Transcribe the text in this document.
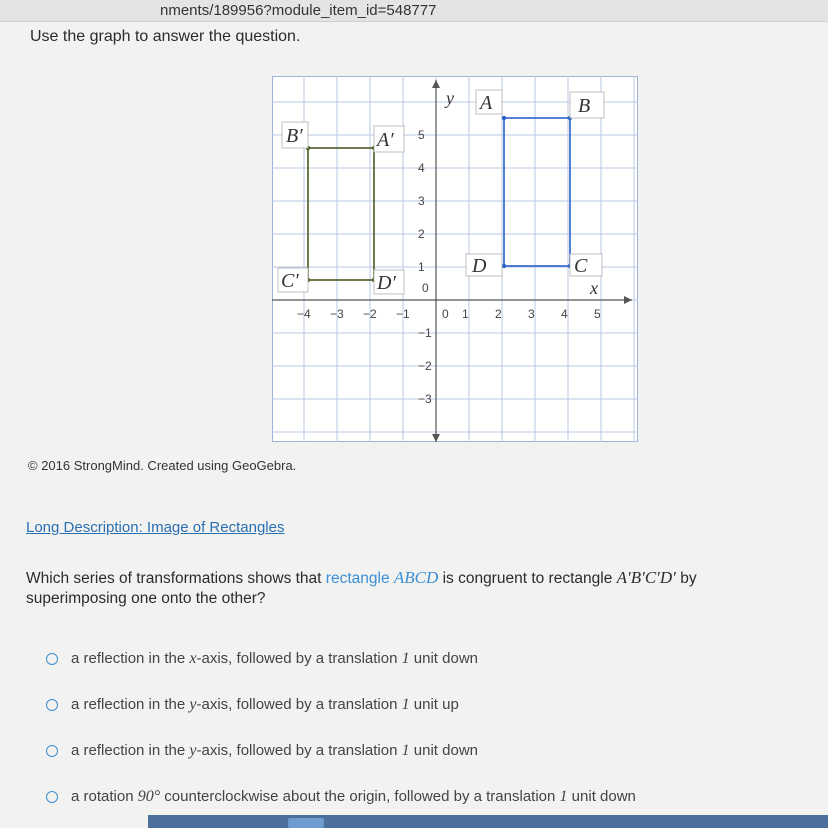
nments/189956?module_item_id=548777
Use the graph to answer the question.
−4 −3 −2 −1	1 2 3 4 5
5
4
3
2
1
−1
−2
−3
0
0
B′	A′
C′	D′
A	B
D	C
y
x
© 2016 StrongMind. Created using GeoGebra.
Long Description: Image of Rectangles
Which series of transformations shows that rectangle ABCD is congruent to rectangle A′B′C′D′ by superimposing one onto the other?
a reflection in the x-axis, followed by a translation 1 unit down
a reflection in the y-axis, followed by a translation 1 unit up
a reflection in the y-axis, followed by a translation 1 unit down
a rotation 90° counterclockwise about the origin, followed by a translation 1 unit down
